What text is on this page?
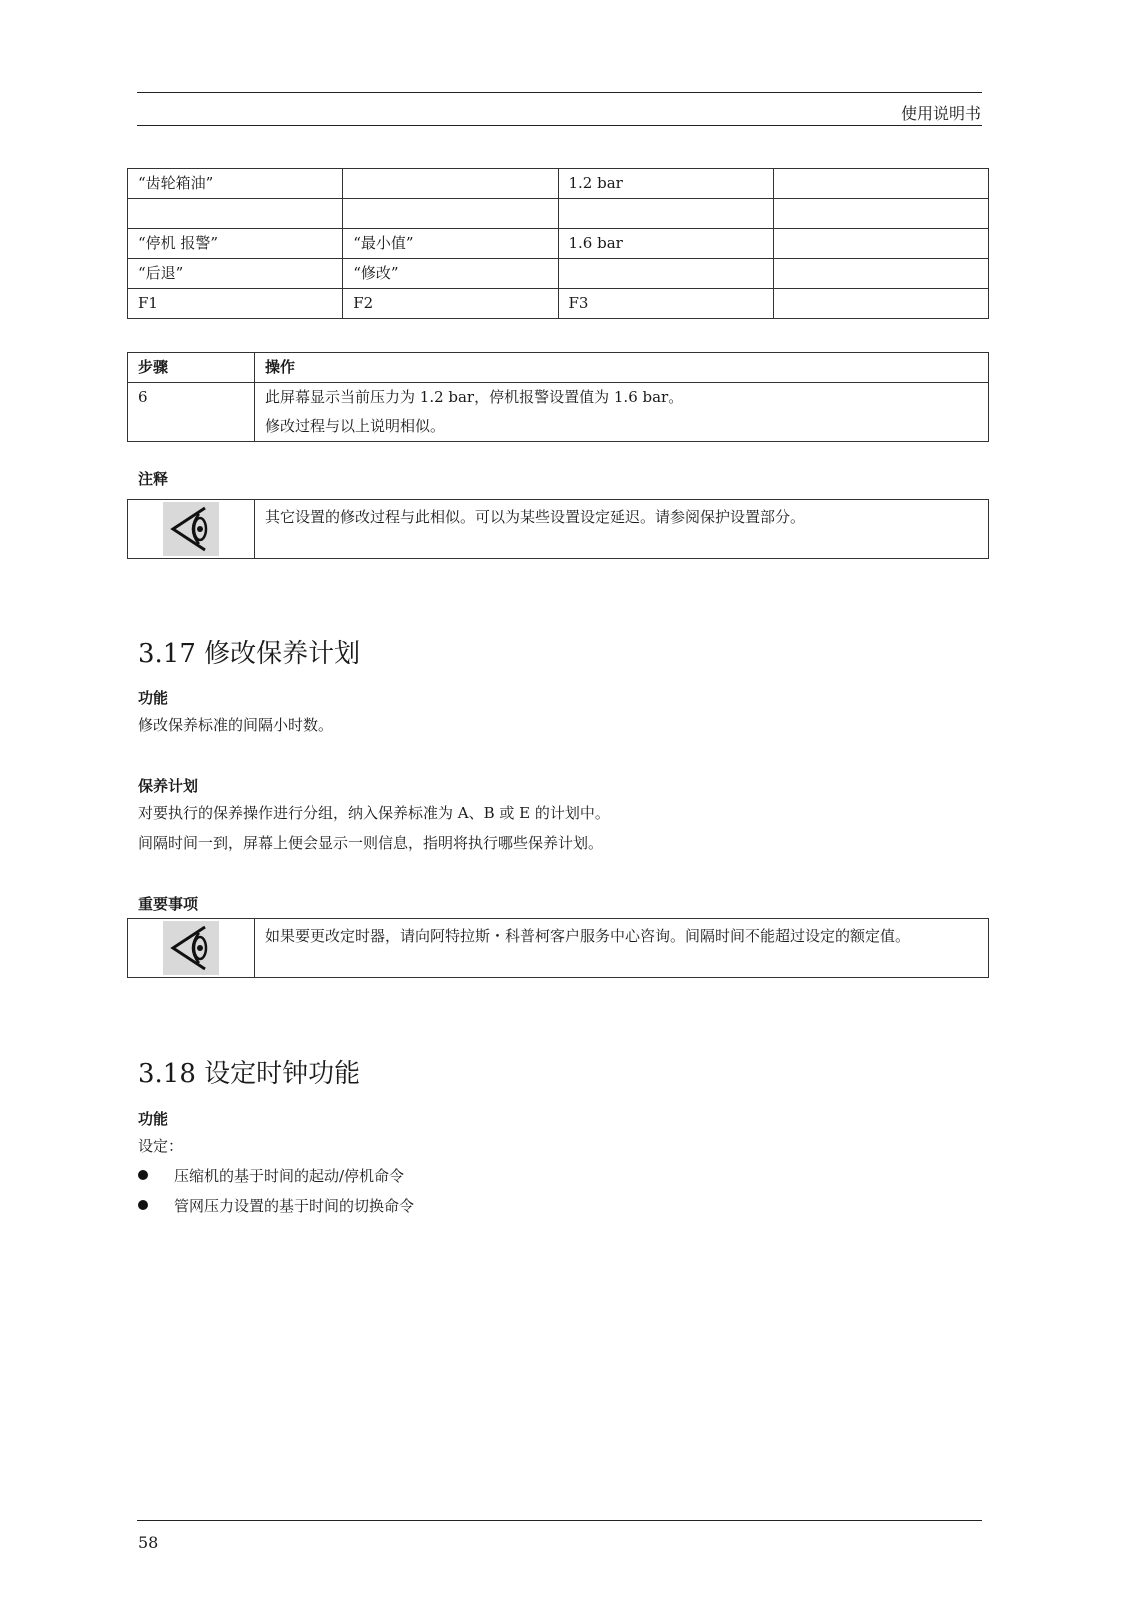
使用说明书
“齿轮箱油”		1.2 bar	

“停机 报警”	“最小值”	1.6 bar	
“后退”	“修改”		
F1	F2	F3	
步骤	操作
6	此屏幕显示当前压力为 1.2 bar，停机报警设置值为 1.6 bar。
修改过程与以上说明相似。
注释
	其它设置的修改过程与此相似。可以为某些设置设定延迟。请参阅保护设置部分。
3.17 修改保养计划
功能
修改保养标准的间隔小时数。
保养计划
对要执行的保养操作进行分组，纳入保养标准为 A、B 或 E 的计划中。
间隔时间一到，屏幕上便会显示一则信息，指明将执行哪些保养计划。
重要事项
	如果要更改定时器，请向阿特拉斯・科普柯客户服务中心咨询。间隔时间不能超过设定的额定值。
3.18 设定时钟功能
功能
设定：
压缩机的基于时间的起动/停机命令
管网压力设置的基于时间的切换命令
58
